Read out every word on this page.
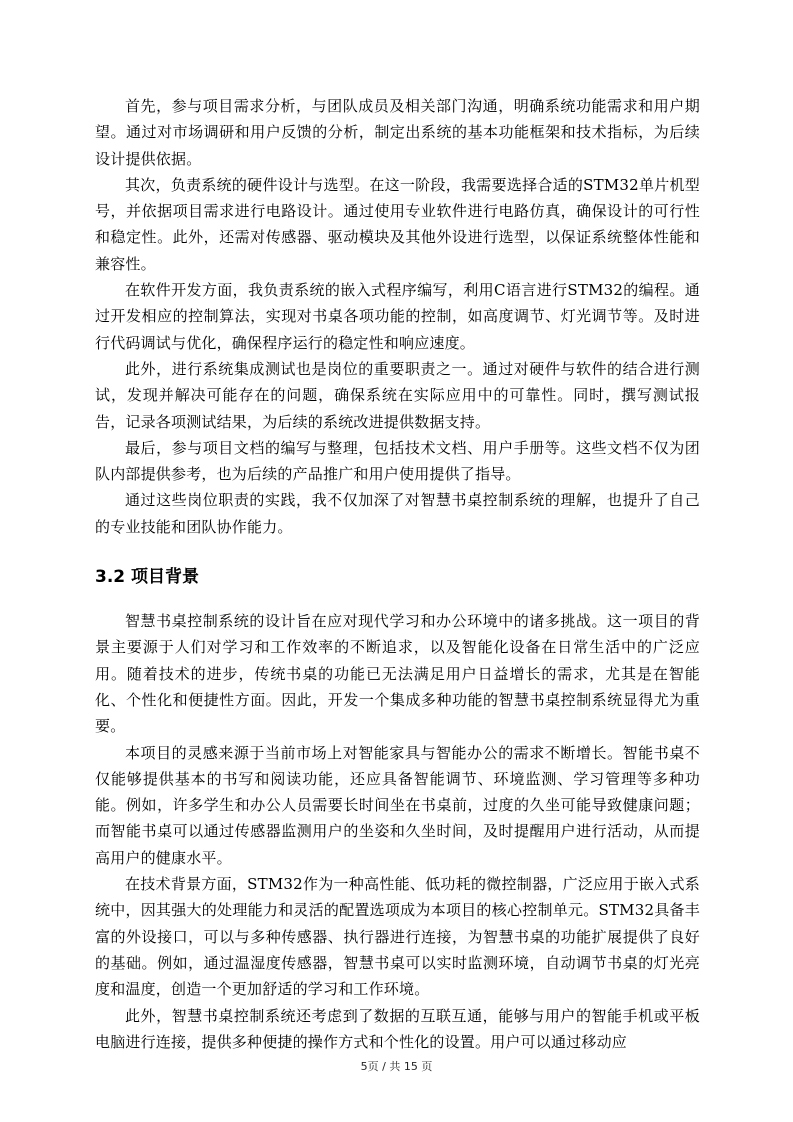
首先，参与项目需求分析，与团队成员及相关部门沟通，明确系统功能需求和用户期望。通过对市场调研和用户反馈的分析，制定出系统的基本功能框架和技术指标，为后续设计提供依据。

其次，负责系统的硬件设计与选型。在这一阶段，我需要选择合适的STM32单片机型号，并依据项目需求进行电路设计。通过使用专业软件进行电路仿真，确保设计的可行性和稳定性。此外，还需对传感器、驱动模块及其他外设进行选型，以保证系统整体性能和兼容性。

在软件开发方面，我负责系统的嵌入式程序编写，利用C语言进行STM32的编程。通过开发相应的控制算法，实现对书桌各项功能的控制，如高度调节、灯光调节等。及时进行代码调试与优化，确保程序运行的稳定性和响应速度。

此外，进行系统集成测试也是岗位的重要职责之一。通过对硬件与软件的结合进行测试，发现并解决可能存在的问题，确保系统在实际应用中的可靠性。同时，撰写测试报告，记录各项测试结果，为后续的系统改进提供数据支持。

最后，参与项目文档的编写与整理，包括技术文档、用户手册等。这些文档不仅为团队内部提供参考，也为后续的产品推广和用户使用提供了指导。

通过这些岗位职责的实践，我不仅加深了对智慧书桌控制系统的理解，也提升了自己的专业技能和团队协作能力。

3.2 项目背景

智慧书桌控制系统的设计旨在应对现代学习和办公环境中的诸多挑战。这一项目的背景主要源于人们对学习和工作效率的不断追求，以及智能化设备在日常生活中的广泛应用。随着技术的进步，传统书桌的功能已无法满足用户日益增长的需求，尤其是在智能化、个性化和便捷性方面。因此，开发一个集成多种功能的智慧书桌控制系统显得尤为重要。

本项目的灵感来源于当前市场上对智能家具与智能办公的需求不断增长。智能书桌不仅能够提供基本的书写和阅读功能，还应具备智能调节、环境监测、学习管理等多种功能。例如，许多学生和办公人员需要长时间坐在书桌前，过度的久坐可能导致健康问题；而智能书桌可以通过传感器监测用户的坐姿和久坐时间，及时提醒用户进行活动，从而提高用户的健康水平。

在技术背景方面，STM32作为一种高性能、低功耗的微控制器，广泛应用于嵌入式系统中，因其强大的处理能力和灵活的配置选项成为本项目的核心控制单元。STM32具备丰富的外设接口，可以与多种传感器、执行器进行连接，为智慧书桌的功能扩展提供了良好的基础。例如，通过温湿度传感器，智慧书桌可以实时监测环境，自动调节书桌的灯光亮度和温度，创造一个更加舒适的学习和工作环境。

此外，智慧书桌控制系统还考虑到了数据的互联互通，能够与用户的智能手机或平板电脑进行连接，提供多种便捷的操作方式和个性化的设置。用户可以通过移动应

5页 / 共 15 页
